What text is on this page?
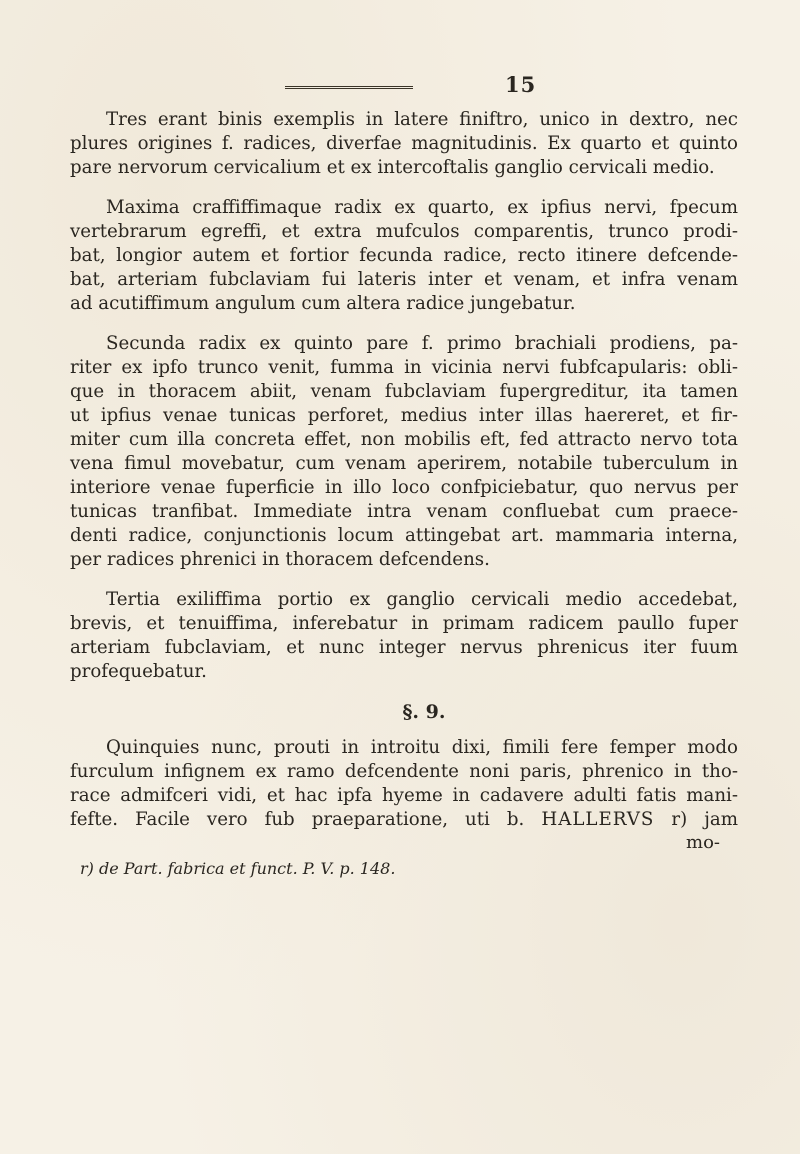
15
Tres erant binis exemplis in latere finiftro, unico in dextro, nec
plures origines f. radices, diverfae magnitudinis. Ex quarto et quinto
pare nervorum cervicalium et ex intercoftalis ganglio cervicali medio.
Maxima craffiffimaque radix ex quarto, ex ipfius nervi, fpecum
vertebrarum egreffi, et extra mufculos comparentis, trunco prodi-
bat, longior autem et fortior fecunda radice, recto itinere defcende-
bat, arteriam fubclaviam fui lateris inter et venam, et infra venam
ad acutiffimum angulum cum altera radice jungebatur.
Secunda radix ex quinto pare f. primo brachiali prodiens, pa-
riter ex ipfo trunco venit, fumma in vicinia nervi fubfcapularis: obli-
que in thoracem abiit, venam fubclaviam fupergreditur, ita tamen
ut ipfius venae tunicas perforet, medius inter illas haereret, et fir-
miter cum illa concreta effet, non mobilis eft, fed attracto nervo tota
vena fimul movebatur, cum venam aperirem, notabile tuberculum in
interiore venae fuperficie in illo loco confpiciebatur, quo nervus per
tunicas tranfibat. Immediate intra venam confluebat cum praece-
denti radice, conjunctionis locum attingebat art. mammaria interna,
per radices phrenici in thoracem defcendens.
Tertia exiliffima portio ex ganglio cervicali medio accedebat,
brevis, et tenuiffima, inferebatur in primam radicem paullo fuper
arteriam fubclaviam, et nunc integer nervus phrenicus iter fuum
profequebatur.
§. 9.
Quinquies nunc, prouti in introitu dixi, fimili fere femper modo
furculum infignem ex ramo defcendente noni paris, phrenico in tho-
race admifceri vidi, et hac ipfa hyeme in cadavere adulti fatis mani-
fefte. Facile vero fub praeparatione, uti b. HALLERVS r) jam
mo-
r) de Part. fabrica et funct. P. V. p. 148.
